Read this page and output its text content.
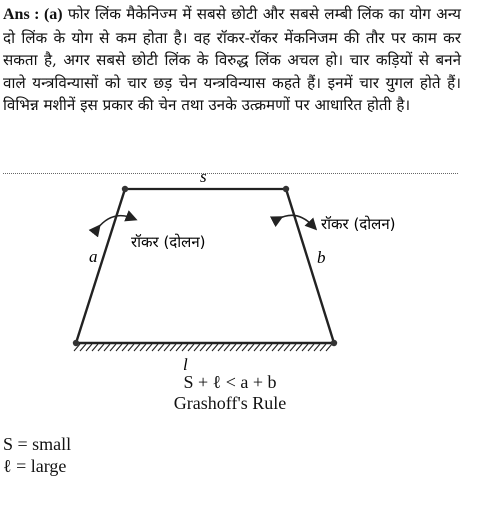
Ans : (a) फोर लिंक मैकेनिज्म में सबसे छोटी और सबसे लम्बी लिंक का योग अन्य दो लिंक के योग से कम होता है। वह रॉकर-रॉकर मेंकनिजम की तौर पर काम कर सकता है, अगर सबसे छोटी लिंक के विरुद्ध लिंक अचल हो। चार कड़ियों से बनने वाले यन्त्रविन्यासों को चार छड़ चेन यन्त्रविन्यास कहते हैं। इनमें चार युगल होते हैं। विभिन्न मशीनें इस प्रकार की चेन तथा उनके उत्क्रमणों पर आधारित होती है।

s
a	b
l
रॉकर (दोलन)
रॉकर (दोलन)
S + ℓ < a + b
Grashoff's Rule
S = small
ℓ = large
